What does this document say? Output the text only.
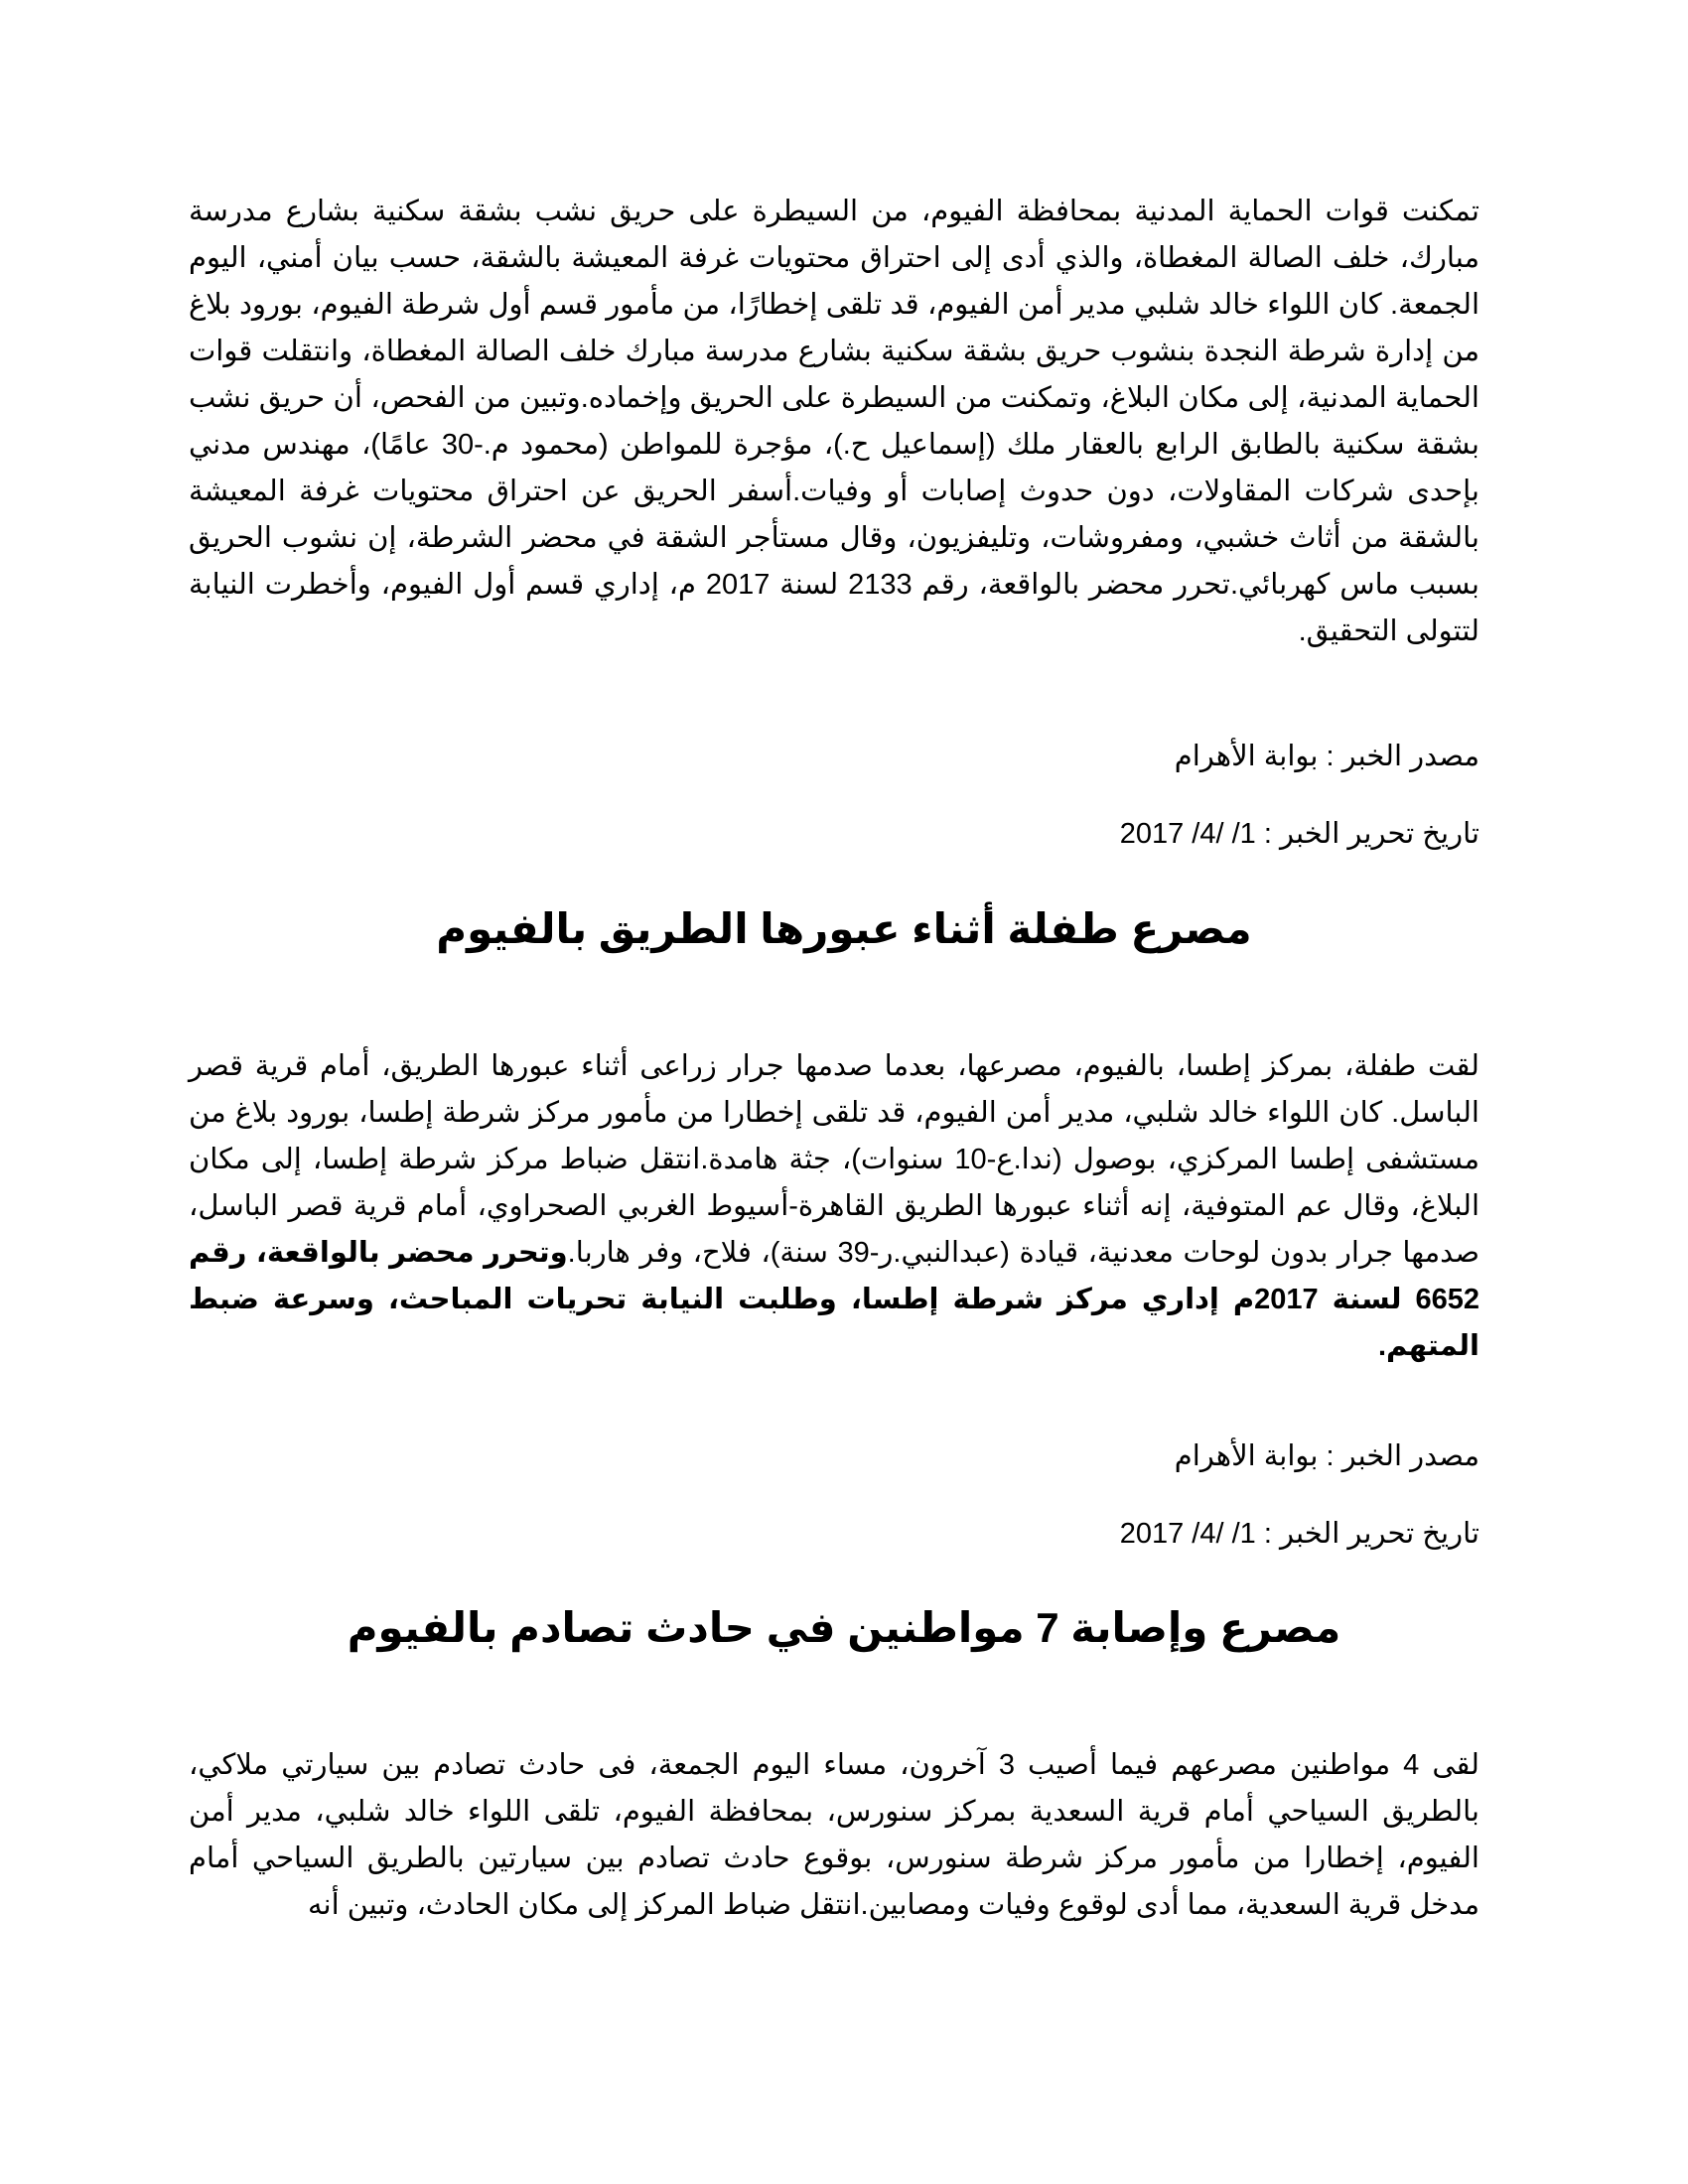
تمكنت قوات الحماية المدنية بمحافظة الفيوم، من السيطرة على حريق نشب بشقة سكنية بشارع مدرسة مبارك، خلف الصالة المغطاة، والذي أدى إلى احتراق محتويات غرفة المعيشة بالشقة، حسب بيان أمني، اليوم الجمعة. كان اللواء خالد شلبي مدير أمن الفيوم، قد تلقى إخطارًا، من مأمور قسم أول شرطة الفيوم، بورود بلاغ من إدارة شرطة النجدة بنشوب حريق بشقة سكنية بشارع مدرسة مبارك خلف الصالة المغطاة، وانتقلت قوات الحماية المدنية، إلى مكان البلاغ، وتمكنت من السيطرة على الحريق وإخماده.وتبين من الفحص، أن حريق نشب بشقة سكنية بالطابق الرابع بالعقار ملك (إسماعيل ح.)، مؤجرة للمواطن (محمود م.-30 عامًا)، مهندس مدني بإحدى شركات المقاولات، دون حدوث إصابات أو وفيات.أسفر الحريق عن احتراق محتويات غرفة المعيشة بالشقة من أثاث خشبي، ومفروشات، وتليفزيون، وقال مستأجر الشقة في محضر الشرطة، إن نشوب الحريق بسبب ماس كهربائي.تحرر محضر بالواقعة، رقم 2133 لسنة 2017 م، إداري قسم أول الفيوم، وأخطرت النيابة لتتولى التحقيق.

مصدر الخبر : بوابة الأهرام

تاريخ تحرير الخبر : 1/ /4/ 2017

مصرع طفلة أثناء عبورها الطريق بالفيوم

لقت طفلة، بمركز إطسا، بالفيوم، مصرعها، بعدما صدمها جرار زراعى أثناء عبورها الطريق، أمام قرية قصر الباسل. كان اللواء خالد شلبي، مدير أمن الفيوم، قد تلقى إخطارا من مأمور مركز شرطة إطسا، بورود بلاغ من مستشفى إطسا المركزي، بوصول (ندا.ع-10 سنوات)، جثة هامدة.انتقل ضباط مركز شرطة إطسا، إلى مكان البلاغ، وقال عم المتوفية، إنه أثناء عبورها الطريق القاهرة-أسيوط الغربي الصحراوي، أمام قرية قصر الباسل، صدمها جرار بدون لوحات معدنية، قيادة (عبدالنبي.ر-39 سنة)، فلاح، وفر هاربا.وتحرر محضر بالواقعة، رقم 6652 لسنة 2017م إداري مركز شرطة إطسا، وطلبت النيابة تحريات المباحث، وسرعة ضبط المتهم.

مصدر الخبر : بوابة الأهرام

تاريخ تحرير الخبر : 1/ /4/ 2017

مصرع وإصابة 7 مواطنين في حادث تصادم بالفيوم

لقى 4 مواطنين مصرعهم فيما أصيب 3 آخرون، مساء اليوم الجمعة، فى حادث تصادم بين سيارتي ملاكي، بالطريق السياحي أمام قرية السعدية بمركز سنورس، بمحافظة الفيوم، تلقى اللواء خالد شلبي، مدير أمن الفيوم، إخطارا من مأمور مركز شرطة سنورس، بوقوع حادث تصادم بين سيارتين بالطريق السياحي أمام مدخل قرية السعدية، مما أدى لوقوع وفيات ومصابين.انتقل ضباط المركز إلى مكان الحادث، وتبين أنه
